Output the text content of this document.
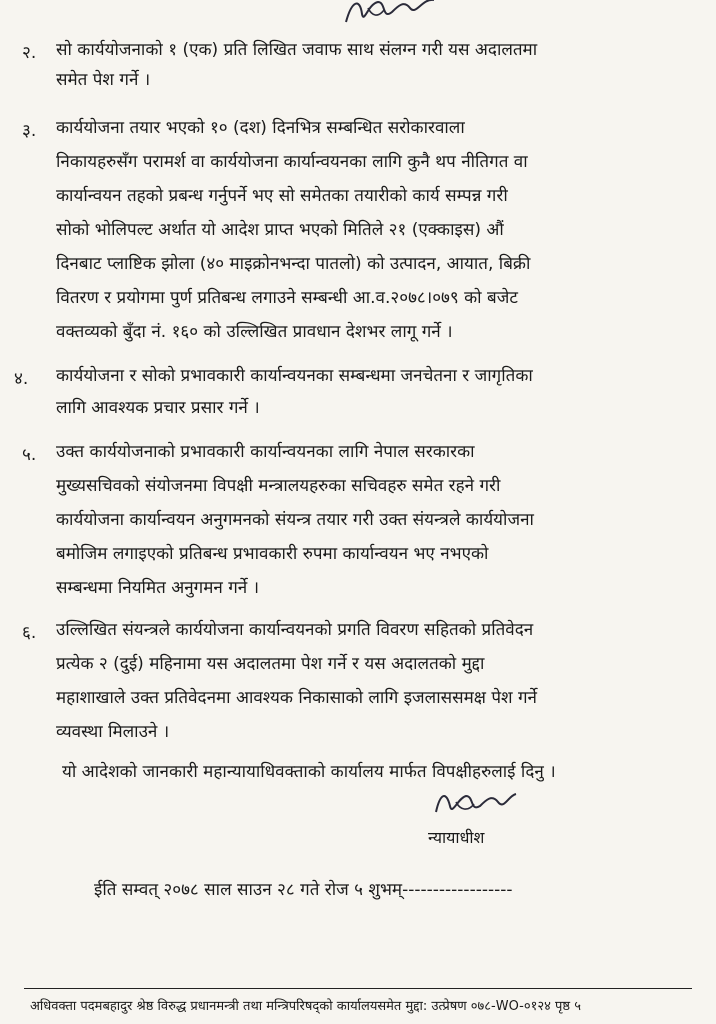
२. सो कार्ययोजनाको १ (एक) प्रति लिखित जवाफ साथ संलग्न गरी यस अदालतमा
समेत पेश गर्ने ।
३. कार्ययोजना तयार भएको १० (दश) दिनभित्र सम्बन्धित सरोकारवाला
निकायहरुसँग परामर्श वा कार्ययोजना कार्यान्वयनका लागि कुनै थप नीतिगत वा
कार्यान्वयन तहको प्रबन्ध गर्नुपर्ने भए सो समेतका तयारीको कार्य सम्पन्न गरी
सोको भोलिपल्ट अर्थात यो आदेश प्राप्त भएको मितिले २१ (एक्काइस) औं
दिनबाट प्लाष्टिक झोला (४० माइक्रोनभन्दा पातलो) को उत्पादन, आयात, बिक्री
वितरण र प्रयोगमा पुर्ण प्रतिबन्ध लगाउने सम्बन्धी आ.व.२०७८।०७९ को बजेट
वक्तव्यको बुँदा नं. १६० को उल्लिखित प्रावधान देशभर लागू गर्ने ।
४. कार्ययोजना र सोको प्रभावकारी कार्यान्वयनका सम्बन्धमा जनचेतना र जागृतिका
लागि आवश्यक प्रचार प्रसार गर्ने ।
५. उक्त कार्ययोजनाको प्रभावकारी कार्यान्वयनका लागि नेपाल सरकारका
मुख्यसचिवको संयोजनमा विपक्षी मन्त्रालयहरुका सचिवहरु समेत रहने गरी
कार्ययोजना कार्यान्वयन अनुगमनको संयन्त्र तयार गरी उक्त संयन्त्रले कार्ययोजना
बमोजिम लगाइएको प्रतिबन्ध प्रभावकारी रुपमा कार्यान्वयन भए नभएको
सम्बन्धमा नियमित अनुगमन गर्ने ।
६. उल्लिखित संयन्त्रले कार्ययोजना कार्यान्वयनको प्रगति विवरण सहितको प्रतिवेदन
प्रत्येक २ (दुई) महिनामा यस अदालतमा पेश गर्ने र यस अदालतको मुद्दा
महाशाखाले उक्त प्रतिवेदनमा आवश्यक निकासाको लागि इजलाससमक्ष पेश गर्ने
व्यवस्था मिलाउने ।
यो आदेशको जानकारी महान्यायाधिवक्ताको कार्यालय मार्फत विपक्षीहरुलाई दिनु ।
न्यायाधीश
ईति सम्वत् २०७८ साल साउन २८ गते रोज ५ शुभम्------------------
अधिवक्ता पदमबहादुर श्रेष्ठ विरुद्ध प्रधानमन्त्री तथा मन्त्रिपरिषद्‌को कार्यालयसमेत मुद्दा: उत्प्रेषण ०७८-WO-०१२४ पृष्ठ ५
